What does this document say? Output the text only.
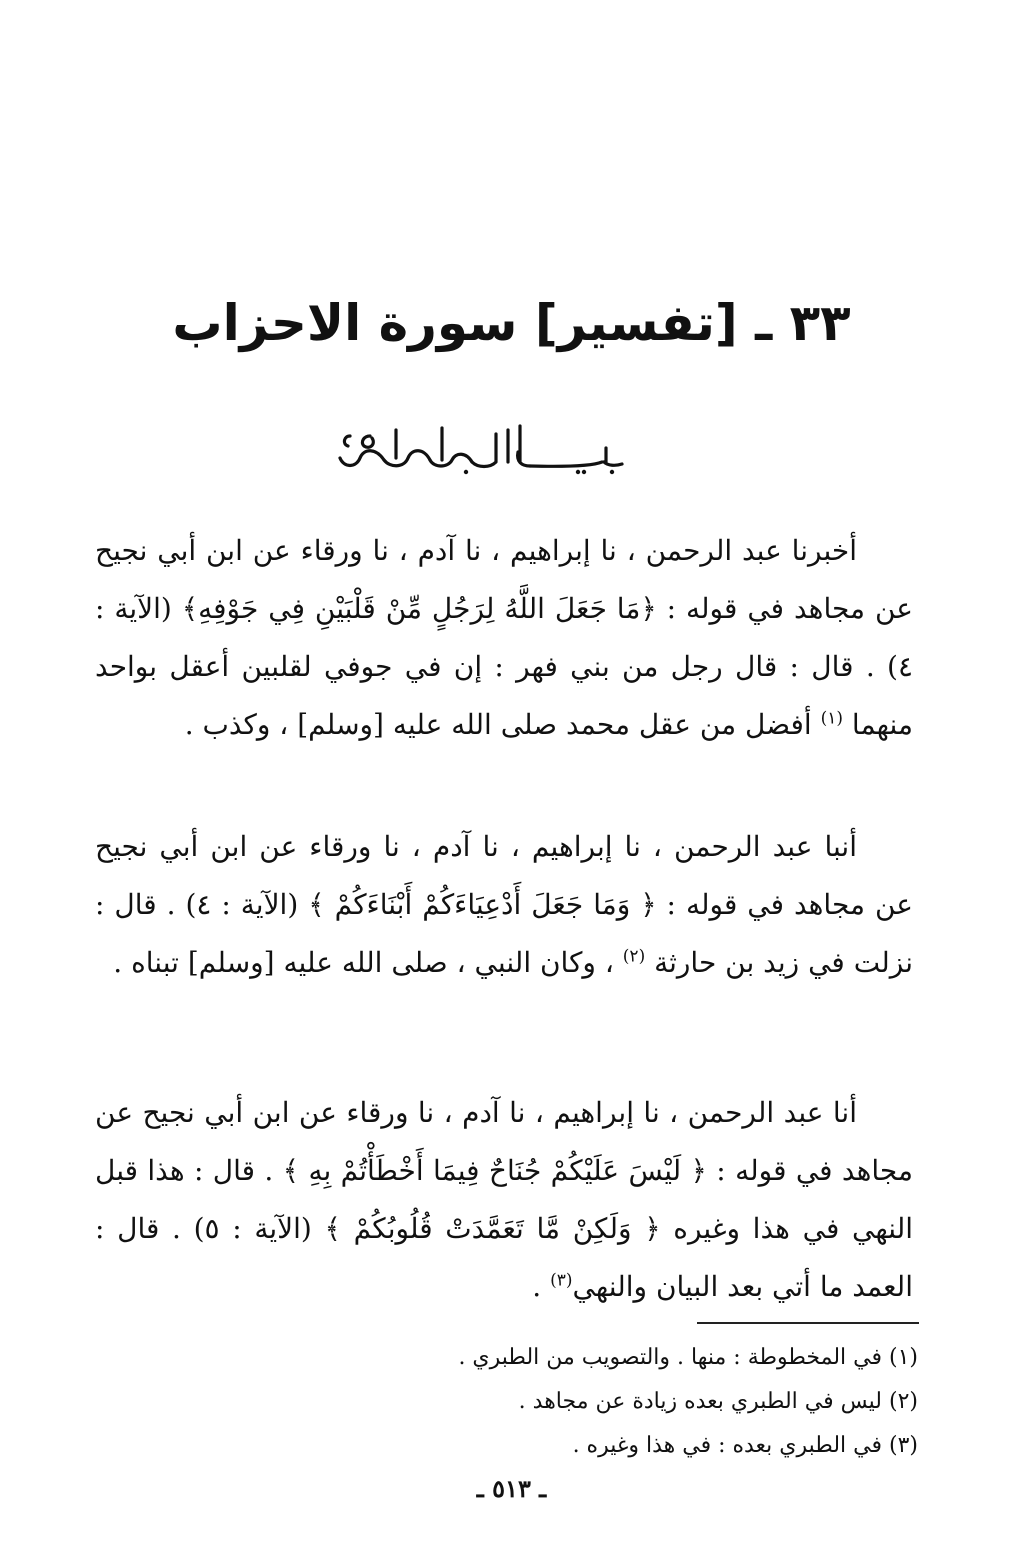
٣٣ ـ [تفسير] سورة الاحزاب

أخبرنا عبد الرحمن ، نا إبراهيم ، نا آدم ، نا ورقاء عن ابن أبي نجيح عن مجاهد في قوله : ﴿مَا جَعَلَ اللَّهُ لِرَجُلٍ مِّنْ قَلْبَيْنِ فِي جَوْفِهِ﴾ (الآية : ٤) . قال : قال رجل من بني فهر : إن في جوفي لقلبين أعقل بواحد منهما $^{(١)}$ أفضل من عقل محمد صلى الله عليه [وسلم] ، وكذب .

أنبا عبد الرحمن ، نا إبراهيم ، نا آدم ، نا ورقاء عن ابن أبي نجيح عن مجاهد في قوله : ﴿ وَمَا جَعَلَ أَدْعِيَاءَكُمْ أَبْنَاءَكُمْ ﴾ (الآية : ٤) . قال : نزلت في زيد بن حارثة $^{(٢)}$ ، وكان النبي ، صلى الله عليه [وسلم] تبناه .

أنا عبد الرحمن ، نا إبراهيم ، نا آدم ، نا ورقاء عن ابن أبي نجيح عن مجاهد في قوله : ﴿ لَيْسَ عَلَيْكُمْ جُنَاحٌ فِيمَا أَخْطَأْتُمْ بِهِ ﴾ . قال : هذا قبل النهي في هذا وغيره ﴿ وَلَكِنْ مَّا تَعَمَّدَتْ قُلُوبُكُمْ ﴾ (الآية : ٥) . قال : العمد ما أتي بعد البيان والنهي$^{(٣)}$ .

(١) في المخطوطة : منها . والتصويب من الطبري .
(٢) ليس في الطبري بعده زيادة عن مجاهد .
(٣) في الطبري بعده : في هذا وغيره .
ـ ٥١٣ ـ
